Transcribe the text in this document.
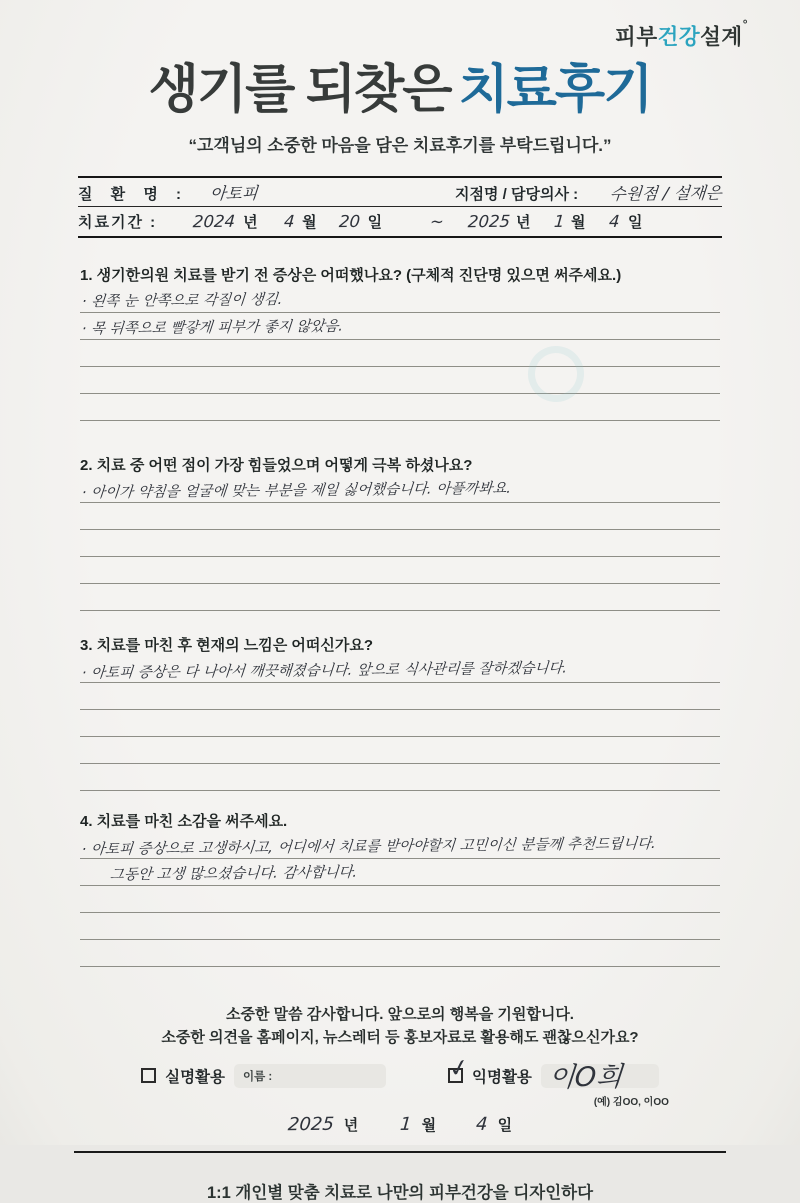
피부건강설계°
생기를 되찾은 치료후기

“고객님의 소중한 마음을 담은 치료후기를 부탁드립니다.”

질 환 명 : 아토피	지점명 / 담당의사 : 수원점 / 설재은
치료기간 : 2024 년 4 월 20 일	~ 2025 년 1 월 4 일
1. 생기한의원 치료를 받기 전 증상은 어떠했나요? (구체적 진단명 있으면 써주세요.)
· 왼쪽 눈 안쪽으로 각질이 생김.
· 목 뒤쪽으로 빨갛게 피부가 좋지 않았음.
2. 치료 중 어떤 점이 가장 힘들었으며 어떻게 극복 하셨나요?
· 아이가 약침을 얼굴에 맞는 부분을 제일 싫어했습니다. 아플까봐요.
3. 치료를 마친 후 현재의 느낌은 어떠신가요?
· 아토피 증상은 다 나아서 깨끗해졌습니다. 앞으로 식사관리를 잘하겠습니다.
4. 치료를 마친 소감을 써주세요.
· 아토피 증상으로 고생하시고, 어디에서 치료를 받아야할지 고민이신 분들께 추천드립니다.
그동안 고생 많으셨습니다. 감사합니다.
소중한 말씀 감사합니다. 앞으로의 행복을 기원합니다.
소중한 의견을 홈페이지, 뉴스레터 등 홍보자료로 활용해도 괜찮으신가요?
실명활용 이름 :	✓ 익명활용 이O희
(예) 김OO, 이OO
2025 년 1 월 4 일
1:1 개인별 맞춤 치료로 나만의 피부건강을 디자인하다
